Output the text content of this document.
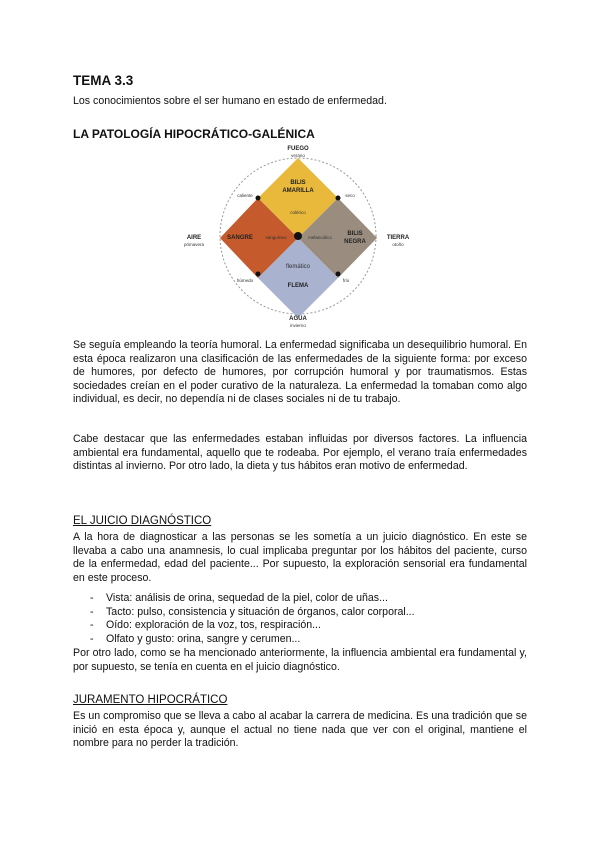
TEMA 3.3
Los conocimientos sobre el ser humano en estado de enfermedad.
LA PATOLOGÍA HIPOCRÁTICO-GALÉNICA
FUEGO
AIRE	TIERRA
AGUA
BILIS
AMARILLA
SANGRE
BILIS
NEGRA
FLEMA
verano
primavera	otoño
invierno
colérico
sanguíneo	melancólico
flemático
caliente	seco
húmedo	frío
Se seguía empleando la teoría humoral. La enfermedad significaba un desequilibrio humoral. En esta época realizaron una clasificación de las enfermedades de la siguiente forma: por exceso de humores, por defecto de humores, por corrupción humoral y por traumatismos. Estas sociedades creían en el poder curativo de la naturaleza. La enfermedad la tomaban como algo individual, es decir, no dependía ni de clases sociales ni de tu trabajo.
Cabe destacar que las enfermedades estaban influidas por diversos factores. La influencia ambiental era fundamental, aquello que te rodeaba. Por ejemplo, el verano traía enfermedades distintas al invierno. Por otro lado, la dieta y tus hábitos eran motivo de enfermedad.
EL JUICIO DIAGNÓSTICO
A la hora de diagnosticar a las personas se les sometía a un juicio diagnóstico. En este se llevaba a cabo una anamnesis, lo cual implicaba preguntar por los hábitos del paciente, curso de la enfermedad, edad del paciente... Por supuesto, la exploración sensorial era fundamental en este proceso.
- Vista: análisis de orina, sequedad de la piel, color de uñas...
- Tacto: pulso, consistencia y situación de órganos, calor corporal...
- Oído: exploración de la voz, tos, respiración...
- Olfato y gusto: orina, sangre y cerumen...
Por otro lado, como se ha mencionado anteriormente, la influencia ambiental era fundamental y, por supuesto, se tenía en cuenta en el juicio diagnóstico.
JURAMENTO HIPOCRÁTICO
Es un compromiso que se lleva a cabo al acabar la carrera de medicina. Es una tradición que se inició en esta época y, aunque el actual no tiene nada que ver con el original, mantiene el nombre para no perder la tradición.
